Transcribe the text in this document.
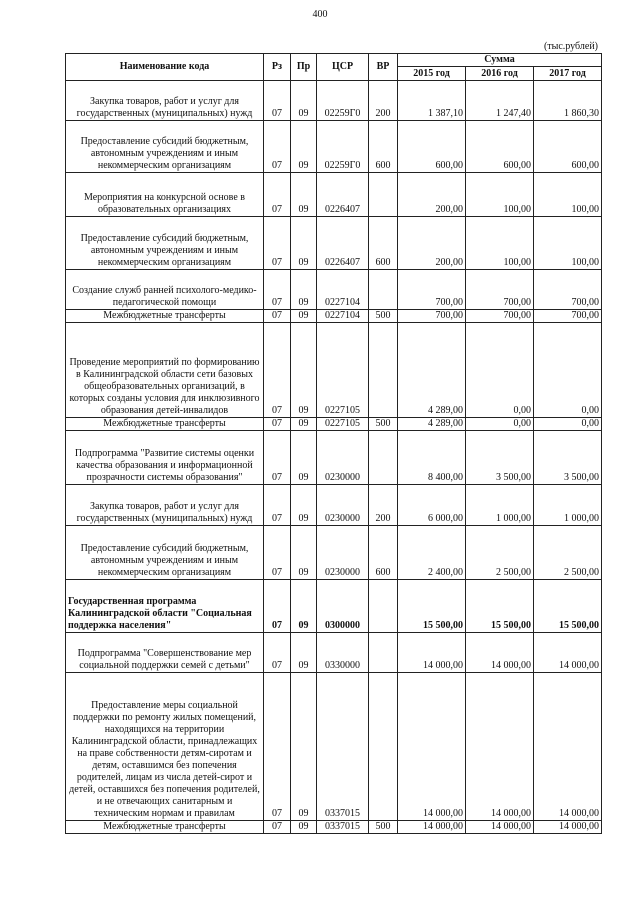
400
(тыс.рублей)
Наименование кода	Рз	Пр	ЦСР	ВР	Сумма		
					2015 год	2016 год	2017 год
Закупка товаров, работ и услуг для государственных (муниципальных) нужд	07	09	02259Г0	200	1 387,10	1 247,40	1 860,30
Предоставление субсидий бюджетным, автономным учреждениям и иным некоммерческим организациям	07	09	02259Г0	600	600,00	600,00	600,00
Мероприятия на конкурсной основе в образовательных организациях	07	09	0226407		200,00	100,00	100,00
Предоставление субсидий бюджетным, автономным учреждениям и иным некоммерческим организациям	07	09	0226407	600	200,00	100,00	100,00
Создание служб ранней психолого-медико-педагогической помощи	07	09	0227104		700,00	700,00	700,00
Межбюджетные трансферты	07	09	0227104	500	700,00	700,00	700,00
Проведение мероприятий по формированию в Калининградской области сети базовых общеобразовательных организаций, в которых созданы условия для инклюзивного образования детей-инвалидов	07	09	0227105		4 289,00	0,00	0,00
Межбюджетные трансферты	07	09	0227105	500	4 289,00	0,00	0,00
Подпрограмма "Развитие системы оценки качества образования и информационной прозрачности системы образования"	07	09	0230000		8 400,00	3 500,00	3 500,00
Закупка товаров, работ и услуг для государственных (муниципальных) нужд	07	09	0230000	200	6 000,00	1 000,00	1 000,00
Предоставление субсидий бюджетным, автономным учреждениям и иным некоммерческим организациям	07	09	0230000	600	2 400,00	2 500,00	2 500,00
Государственная программа Калининградской области "Социальная поддержка населения"	07	09	0300000		15 500,00	15 500,00	15 500,00
Подпрограмма "Совершенствование мер социальной поддержки семей с детьми"	07	09	0330000		14 000,00	14 000,00	14 000,00
Предоставление меры социальной поддержки по ремонту жилых помещений, находящихся на территории Калининградской области, принадлежащих на праве собственности детям-сиротам и детям, оставшимся без попечения родителей, лицам из числа детей-сирот и детей, оставшихся без попечения родителей, и не отвечающих санитарным и техническим нормам и правилам	07	09	0337015		14 000,00	14 000,00	14 000,00
Межбюджетные трансферты	07	09	0337015	500	14 000,00	14 000,00	14 000,00
